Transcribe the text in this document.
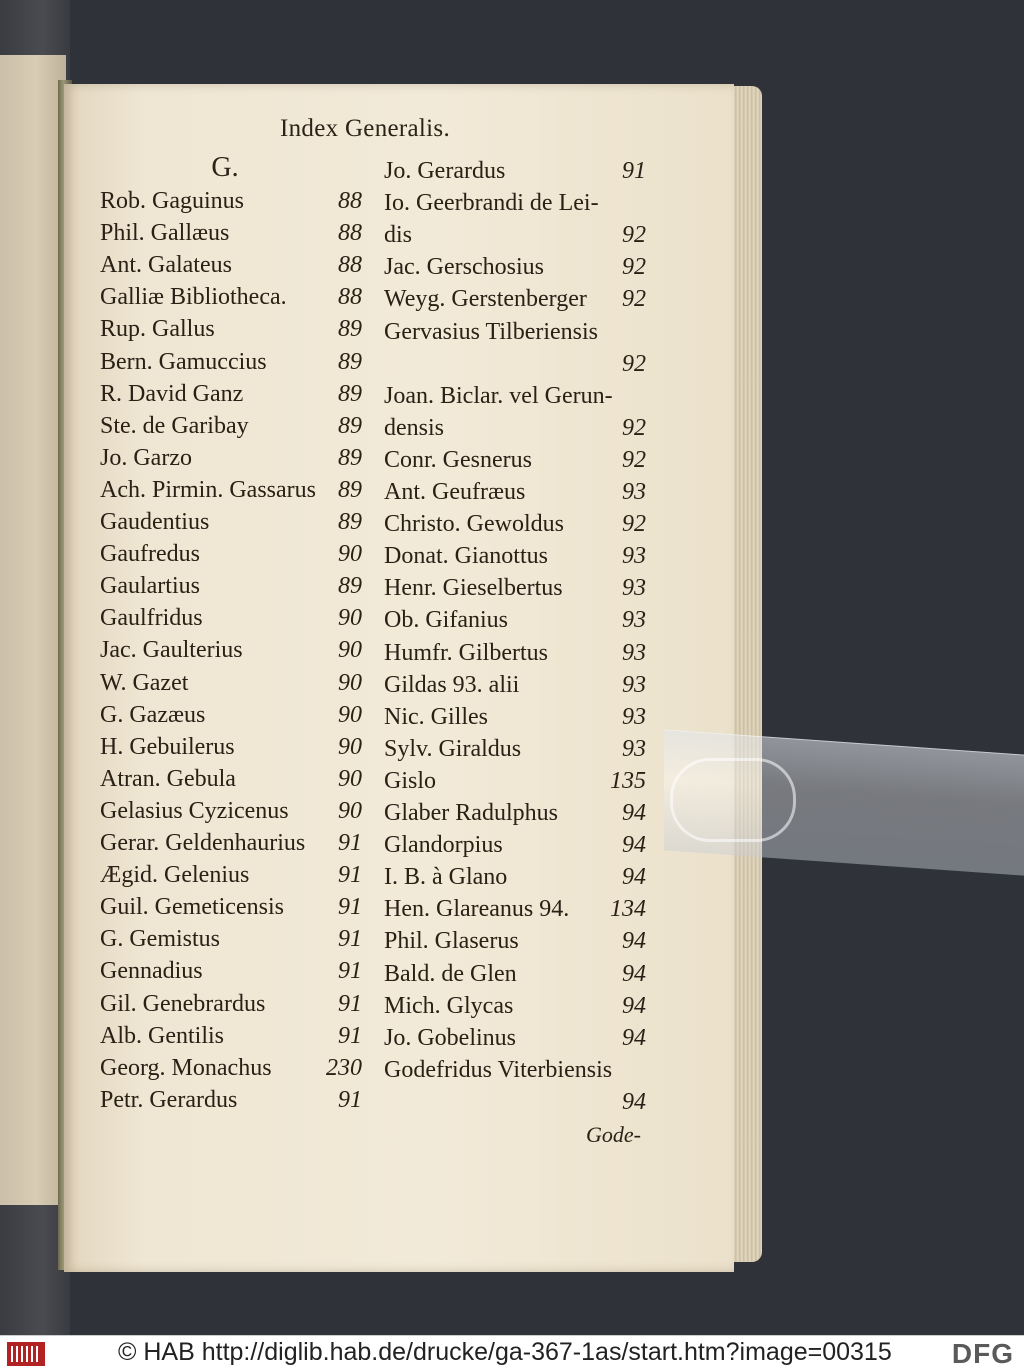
Index Generalis.
G.
Rob. Gaguinus	88
Phil. Gallæus	88
Ant. Galateus	88
Galliæ Bibliotheca. 88
Rup. Gallus	89
Bern. Gamuccius	89
R. David Ganz	89
Ste. de Garibay	89
Jo. Garzo	89
Ach. Pirmin. Gassarus 89
Gaudentius	89
Gaufredus	90
Gaulartius	89
Gaulfridus	90
Jac. Gaulterius	90
W. Gazet	90
G. Gazæus	90
H. Gebuilerus	90
Atran. Gebula	90
Gelasius Cyzicenus 90
Gerar. Geldenhaurius 91
Ægid. Gelenius	91
Guil. Gemeticensis 91
G. Gemistus	91
Gennadius	91
Gil. Genebrardus	91
Alb. Gentilis	91
Georg. Monachus 230
Petr. Gerardus	91
Jo. Gerardus	91
Io. Geerbrandi de Lei-
dis	92
Jac. Gerschosius	92
Weyg. Gerstenberger 92
Gervasius Tilberiensis
92
Joan. Biclar. vel Gerun-
densis	92
Conr. Gesnerus	92
Ant. Geufræus	93
Christo. Gewoldus 92
Donat. Gianottus	93
Henr. Gieselbertus 93
Ob. Gifanius	93
Humfr. Gilbertus	93
Gildas 93. alii	93
Nic. Gilles	93
Sylv. Giraldus	93
Gislo	135
Glaber Radulphus	94
Glandorpius	94
I. B. à Glano	94
Hen. Glareanus 94. 134
Phil. Glaserus	94
Bald. de Glen	94
Mich. Glycas	94
Jo. Gobelinus	94
Godefridus Viterbiensis
94
Gode-
© HAB http://diglib.hab.de/drucke/ga-367-1as/start.htm?image=00315 DFG
